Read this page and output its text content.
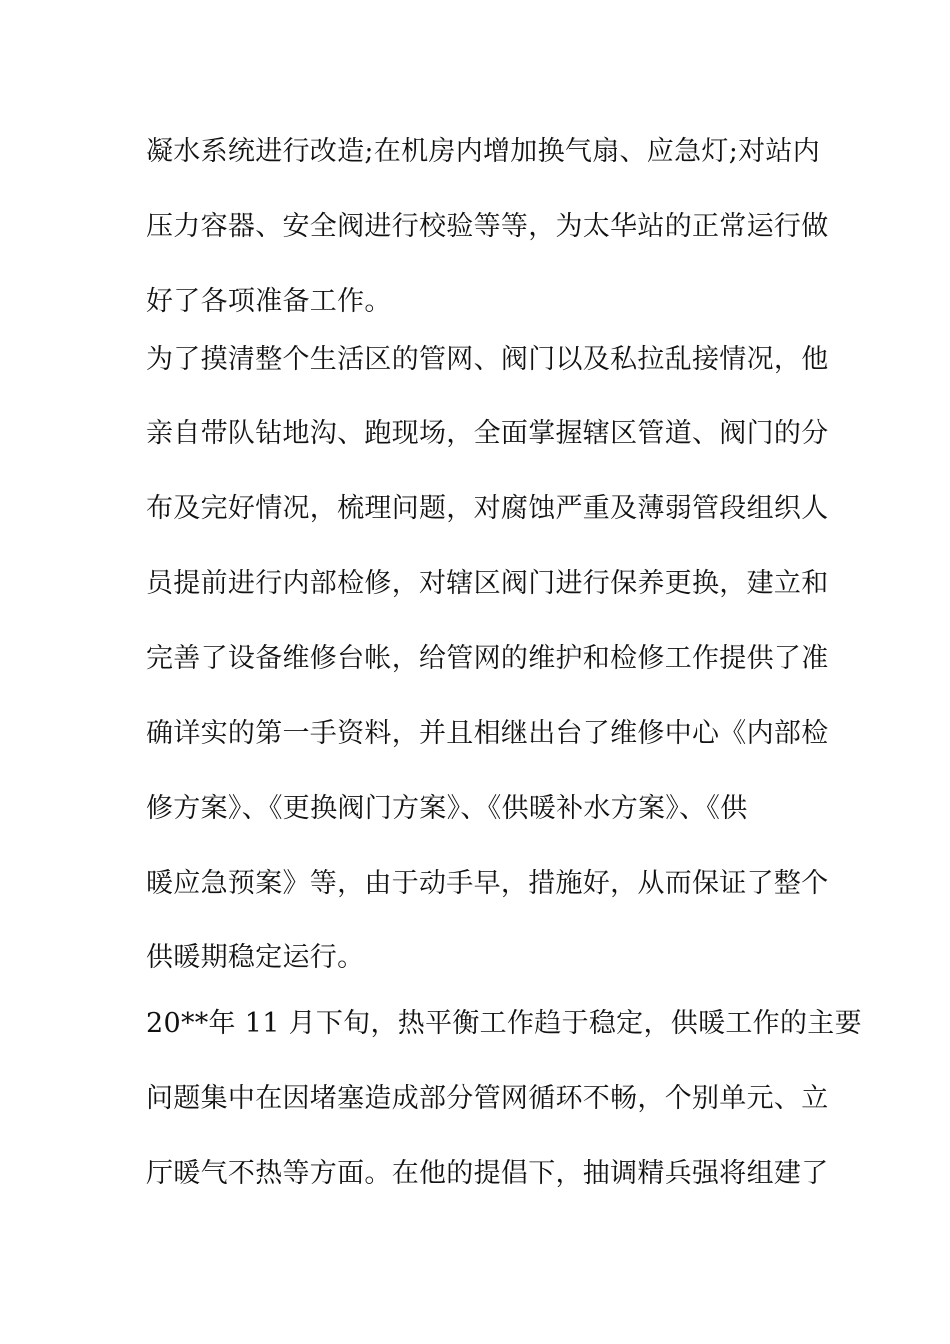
凝水系统进行改造;在机房内增加换气扇、应急灯;对站内
压力容器、安全阀进行校验等等，为太华站的正常运行做
好了各项准备工作。
为了摸清整个生活区的管网、阀门以及私拉乱接情况，他
亲自带队钻地沟、跑现场，全面掌握辖区管道、阀门的分
布及完好情况，梳理问题，对腐蚀严重及薄弱管段组织人
员提前进行内部检修，对辖区阀门进行保养更换，建立和
完善了设备维修台帐，给管网的维护和检修工作提供了准
确详实的第一手资料，并且相继出台了维修中心《内部检
修方案》、《更换阀门方案》、《供暖补水方案》、《供
暖应急预案》等，由于动手早，措施好，从而保证了整个
供暖期稳定运行。
20**年 11 月下旬，热平衡工作趋于稳定，供暖工作的主要
问题集中在因堵塞造成部分管网循环不畅，个别单元、立
厅暖气不热等方面。在他的提倡下，抽调精兵强将组建了
